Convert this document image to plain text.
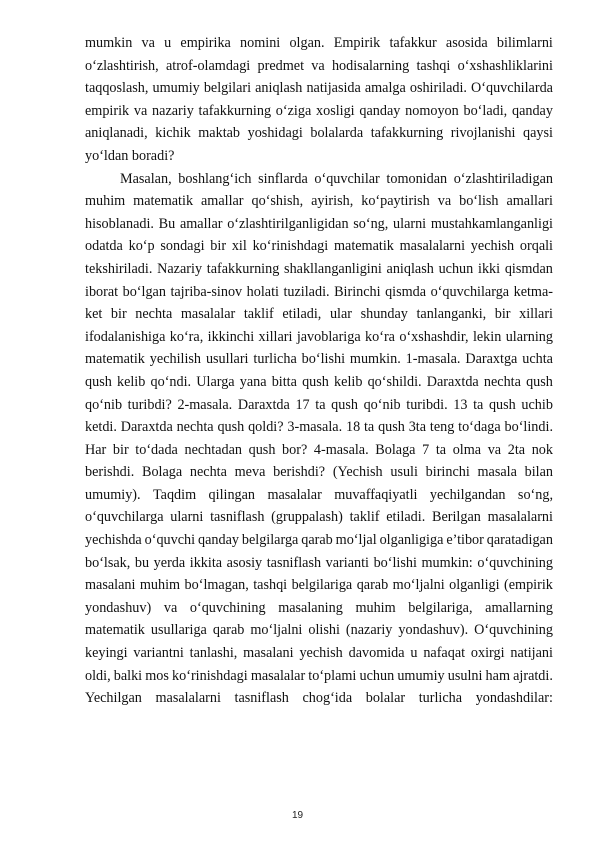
mumkin va u empirika nomini olgan. Empirik tafakkur asosida bilimlarni
o‘zlashtirish, atrof-olamdagi predmet va hodisalarning tashqi o‘xshashliklarini
taqqoslash, umumiy belgilari aniqlash natijasida amalga oshiriladi. O‘quvchilarda
empirik va nazariy tafakkurning o‘ziga xosligi qanday nomoyon bo‘ladi, qanday
aniqlanadi, kichik maktab yoshidagi bolalarda tafakkurning rivojlanishi qaysi
yo‘ldan boradi?
Masalan, boshlang‘ich sinflarda o‘quvchilar tomonidan o‘zlashtiriladigan
muhim matematik amallar qo‘shish, ayirish, ko‘paytirish va bo‘lish amallari
hisoblanadi. Bu amallar o‘zlashtirilganligidan so‘ng, ularni mustahkamlanganligi
odatda ko‘p sondagi bir xil ko‘rinishdagi matematik masalalarni yechish orqali
tekshiriladi. Nazariy tafakkurning shakllanganligini aniqlash uchun ikki qismdan
iborat bo‘lgan tajriba-sinov holati tuziladi. Birinchi qismda o‘quvchilarga ketma-
ket bir nechta masalalar taklif etiladi, ular shunday tanlanganki, bir xillari
ifodalanishiga ko‘ra, ikkinchi xillari javoblariga ko‘ra o‘xshashdir, lekin ularning
matematik yechilish usullari turlicha bo‘lishi mumkin. 1-masala. Daraxtga uchta
qush kelib qo‘ndi. Ularga yana bitta qush kelib qo‘shildi. Daraxtda nechta qush
qo‘nib turibdi? 2-masala. Daraxtda 17 ta qush qo‘nib turibdi. 13 ta qush uchib
ketdi. Daraxtda nechta qush qoldi? 3-masala. 18 ta qush 3ta teng to‘daga bo‘lindi.
Har bir to‘dada nechtadan qush bor? 4-masala. Bolaga 7 ta olma va 2ta nok
berishdi. Bolaga nechta meva berishdi? (Yechish usuli birinchi masala bilan
umumiy). Taqdim qilingan masalalar muvaffaqiyatli yechilgandan so‘ng,
o‘quvchilarga ularni tasniflash (gruppalash) taklif etiladi. Berilgan masalalarni
yechishda o‘quvchi qanday belgilarga qarab mo‘ljal olganligiga e’tibor qaratadigan
bo‘lsak, bu yerda ikkita asosiy tasniflash varianti bo‘lishi mumkin: o‘quvchining
masalani muhim bo‘lmagan, tashqi belgilariga qarab mo‘ljalni olganligi (empirik
yondashuv) va o‘quvchining masalaning muhim belgilariga, amallarning
matematik usullariga qarab mo‘ljalni olishi (nazariy yondashuv). O‘quvchining
keyingi variantni tanlashi, masalani yechish davomida u nafaqat oxirgi natijani
oldi, balki mos ko‘rinishdagi masalalar to‘plami uchun umumiy usulni ham ajratdi.
Yechilgan masalalarni tasniflash chog‘ida bolalar turlicha yondashdilar:
19
